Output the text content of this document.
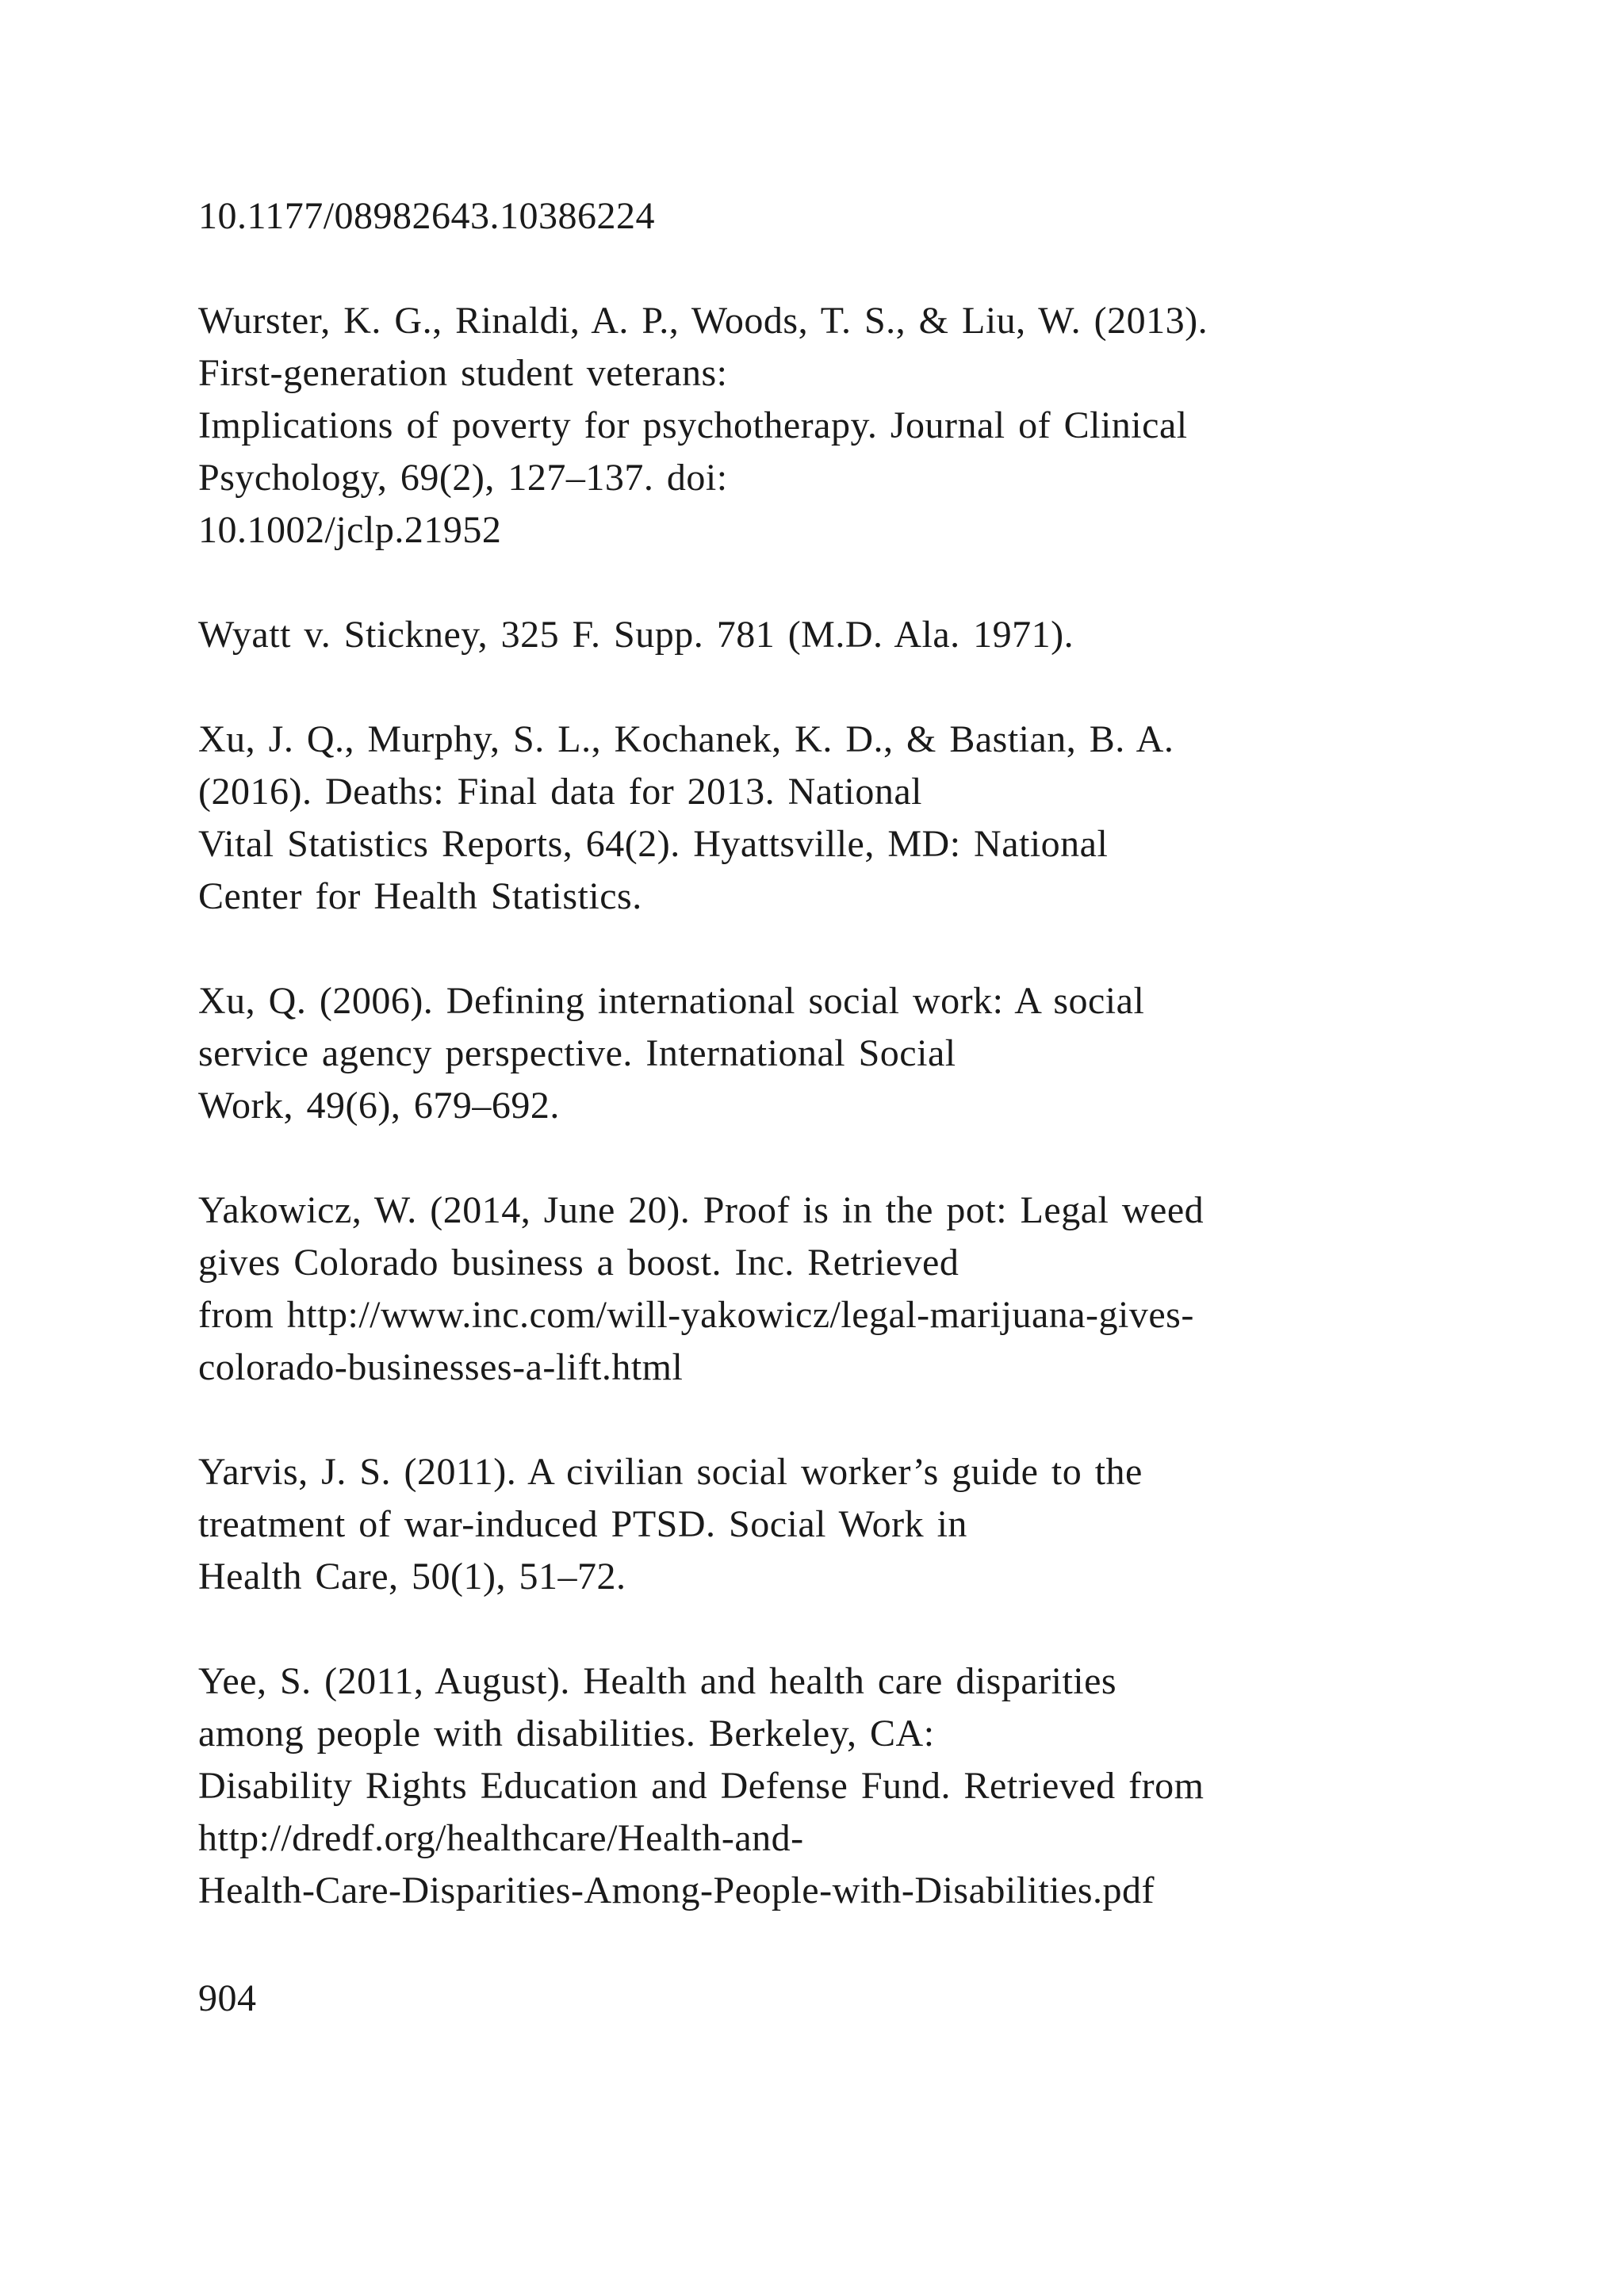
10.1177/08982643.10386224
Wurster, K. G., Rinaldi, A. P., Woods, T. S., & Liu, W. (2013).
First-generation student veterans:
Implications of poverty for psychotherapy. Journal of Clinical
Psychology, 69(2), 127–137. doi:
10.1002/jclp.21952
Wyatt v. Stickney, 325 F. Supp. 781 (M.D. Ala. 1971).
Xu, J. Q., Murphy, S. L., Kochanek, K. D., & Bastian, B. A.
(2016). Deaths: Final data for 2013. National
Vital Statistics Reports, 64(2). Hyattsville, MD: National
Center for Health Statistics.
Xu, Q. (2006). Defining international social work: A social
service agency perspective. International Social
Work, 49(6), 679–692.
Yakowicz, W. (2014, June 20). Proof is in the pot: Legal weed
gives Colorado business a boost. Inc. Retrieved
from http://www.inc.com/will-yakowicz/legal-marijuana-gives-
colorado-businesses-a-lift.html
Yarvis, J. S. (2011). A civilian social worker’s guide to the
treatment of war-induced PTSD. Social Work in
Health Care, 50(1), 51–72.
Yee, S. (2011, August). Health and health care disparities
among people with disabilities. Berkeley, CA:
Disability Rights Education and Defense Fund. Retrieved from
http://dredf.org/healthcare/Health-and-
Health-Care-Disparities-Among-People-with-Disabilities.pdf
904
